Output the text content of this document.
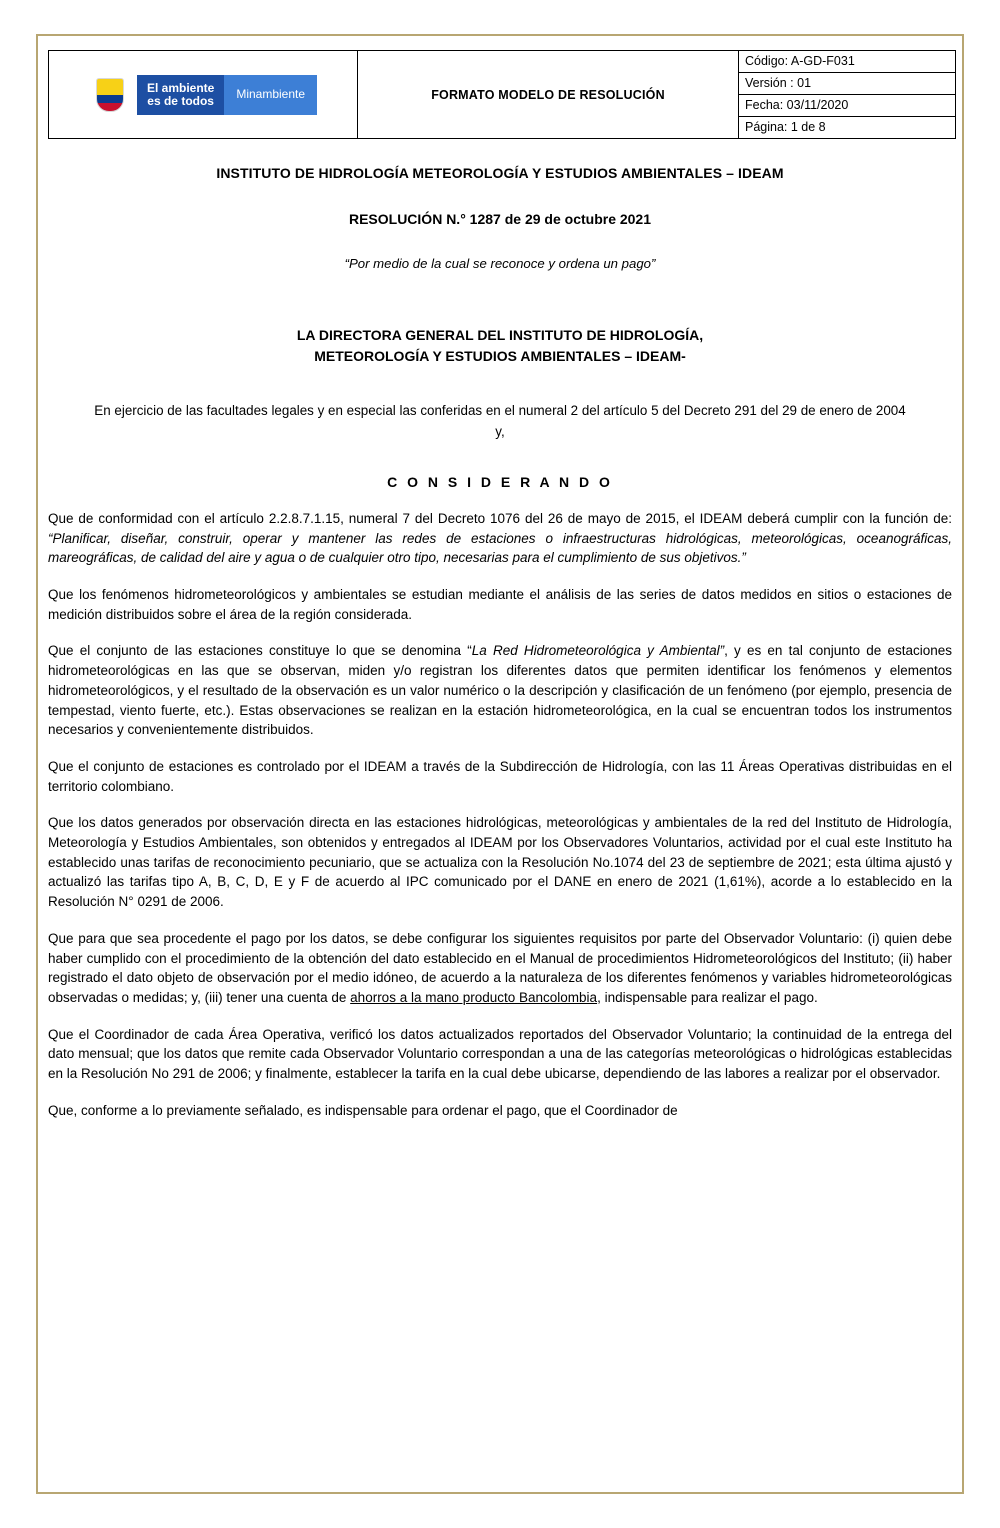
El ambiente
es de todos	Minambiente	FORMATO MODELO DE RESOLUCIÓN	
Código: A-GD-F031
Versión : 01
Fecha: 03/11/2020
Página: 1 de 8
INSTITUTO DE HIDROLOGÍA METEOROLOGÍA Y ESTUDIOS AMBIENTALES – IDEAM
RESOLUCIÓN N.° 1287 de 29 de octubre 2021
“Por medio de la cual se reconoce y ordena un pago”
LA DIRECTORA GENERAL DEL INSTITUTO DE HIDROLOGÍA,
METEOROLOGÍA Y ESTUDIOS AMBIENTALES – IDEAM-
En ejercicio de las facultades legales y en especial las conferidas en el numeral 2 del artículo 5 del Decreto 291 del 29 de enero de 2004
y,
C O N S I D E R A N D O

Que de conformidad con el artículo 2.2.8.7.1.15, numeral 7 del Decreto 1076 del 26 de mayo de 2015, el IDEAM deberá cumplir con la función de: “Planificar, diseñar, construir, operar y mantener las redes de estaciones o infraestructuras hidrológicas, meteorológicas, oceanográficas, mareográficas, de calidad del aire y agua o de cualquier otro tipo, necesarias para el cumplimiento de sus objetivos.”

Que los fenómenos hidrometeorológicos y ambientales se estudian mediante el análisis de las series de datos medidos en sitios o estaciones de medición distribuidos sobre el área de la región considerada.

Que el conjunto de las estaciones constituye lo que se denomina “La Red Hidrometeorológica y Ambiental”, y es en tal conjunto de estaciones hidrometeorológicas en las que se observan, miden y/o registran los diferentes datos que permiten identificar los fenómenos y elementos hidrometeorológicos, y el resultado de la observación es un valor numérico o la descripción y clasificación de un fenómeno (por ejemplo, presencia de tempestad, viento fuerte, etc.). Estas observaciones se realizan en la estación hidrometeorológica, en la cual se encuentran todos los instrumentos necesarios y convenientemente distribuidos.

Que el conjunto de estaciones es controlado por el IDEAM a través de la Subdirección de Hidrología, con las 11 Áreas Operativas distribuidas en el territorio colombiano.

Que los datos generados por observación directa en las estaciones hidrológicas, meteorológicas y ambientales de la red del Instituto de Hidrología, Meteorología y Estudios Ambientales, son obtenidos y entregados al IDEAM por los Observadores Voluntarios, actividad por el cual este Instituto ha establecido unas tarifas de reconocimiento pecuniario, que se actualiza con la Resolución No.1074 del 23 de septiembre de 2021; esta última ajustó y actualizó las tarifas tipo A, B, C, D, E y F de acuerdo al IPC comunicado por el DANE en enero de 2021 (1,61%), acorde a lo establecido en la Resolución N° 0291 de 2006.

Que para que sea procedente el pago por los datos, se debe configurar los siguientes requisitos por parte del Observador Voluntario: (i) quien debe haber cumplido con el procedimiento de la obtención del dato establecido en el Manual de procedimientos Hidrometeorológicos del Instituto; (ii) haber registrado el dato objeto de observación por el medio idóneo, de acuerdo a la naturaleza de los diferentes fenómenos y variables hidrometeorológicas observadas o medidas; y, (iii) tener una cuenta de ahorros a la mano producto Bancolombia, indispensable para realizar el pago.

Que el Coordinador de cada Área Operativa, verificó los datos actualizados reportados del Observador Voluntario; la continuidad de la entrega del dato mensual; que los datos que remite cada Observador Voluntario correspondan a una de las categorías meteorológicas o hidrológicas establecidas en la Resolución No 291 de 2006; y finalmente, establecer la tarifa en la cual debe ubicarse, dependiendo de las labores a realizar por el observador.

Que, conforme a lo previamente señalado, es indispensable para ordenar el pago, que el Coordinador de
